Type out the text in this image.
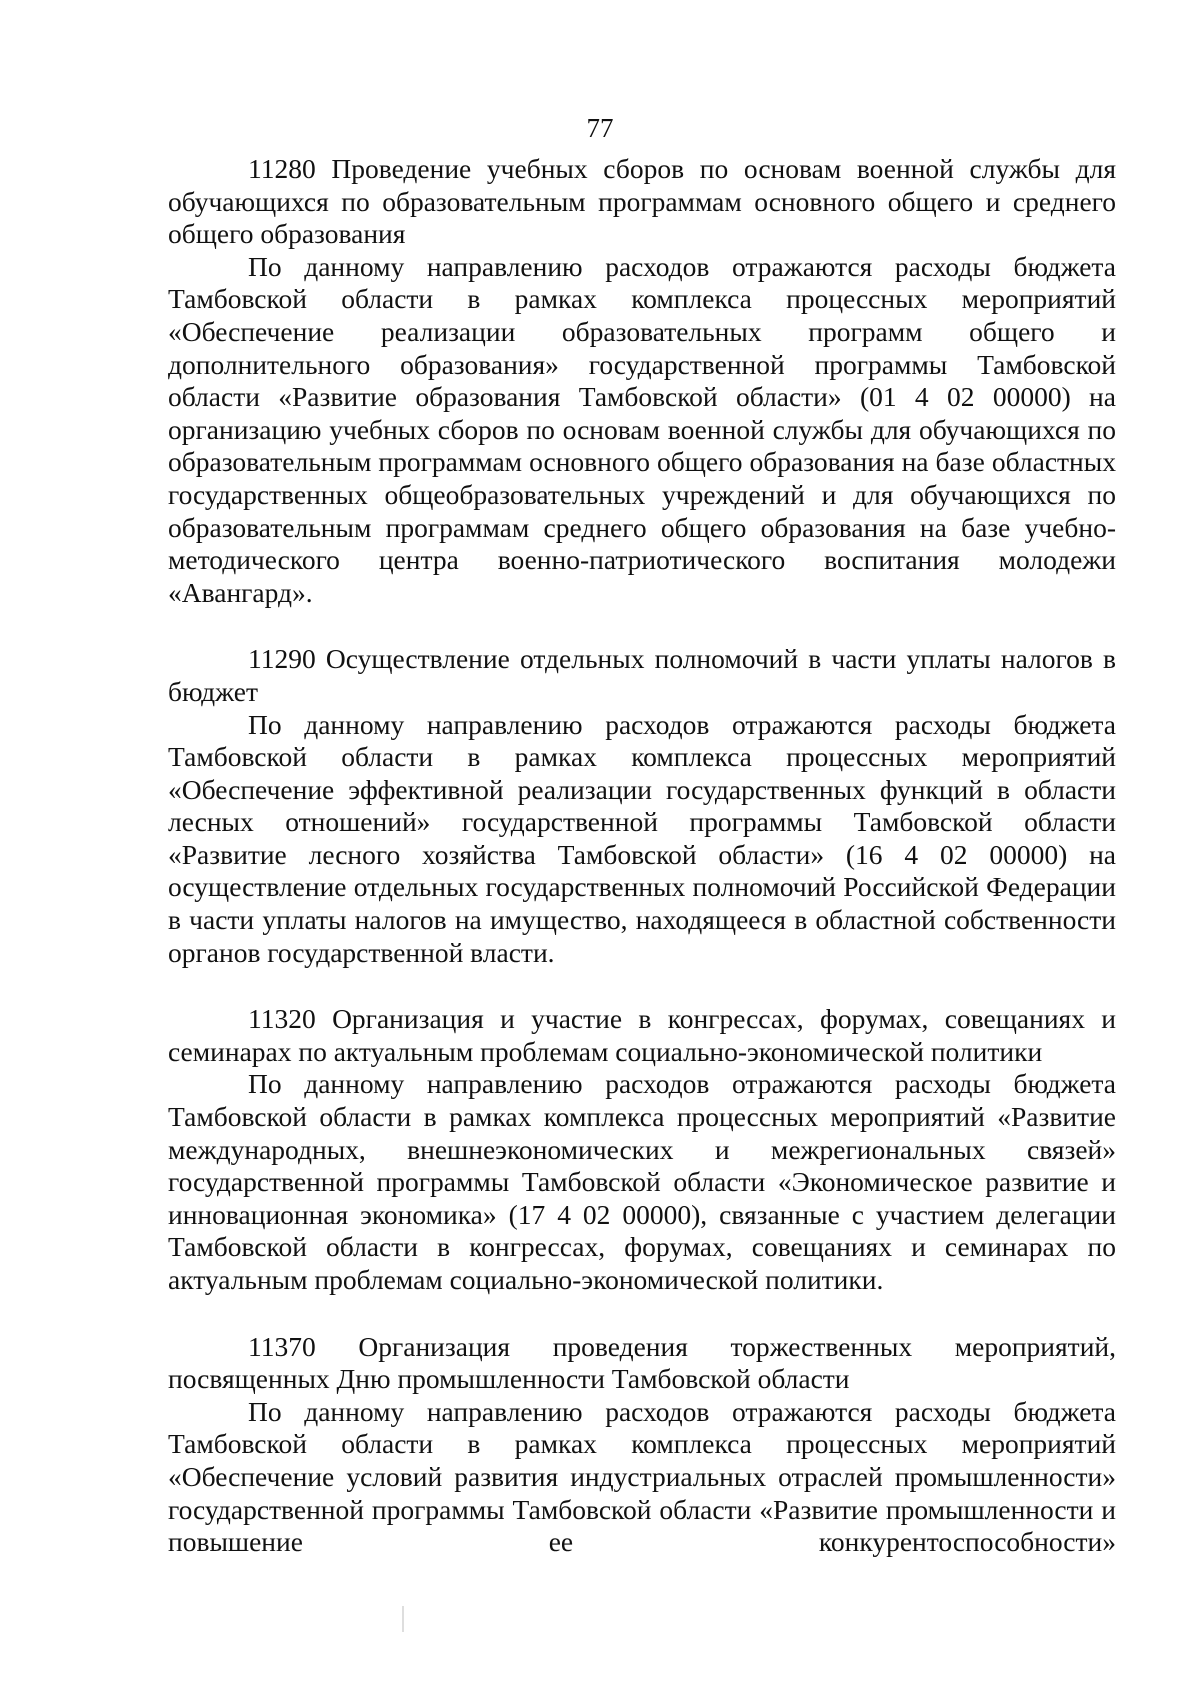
77

11280 Проведение учебных сборов по основам военной службы для обучающихся по образовательным программам основного общего и среднего общего образования

По данному направлению расходов отражаются расходы бюджета Тамбовской области в рамках комплекса процессных мероприятий «Обеспечение реализации образовательных программ общего и дополнительного образования» государственной программы Тамбовской области «Развитие образования Тамбовской области» (01 4 02 00000) на организацию учебных сборов по основам военной службы для обучающихся по образовательным программам основного общего образования на базе областных государственных общеобразовательных учреждений и для обучающихся по образовательным программам среднего общего образования на базе учебно-методического центра военно-патриотического воспитания молодежи «Авангард».

11290 Осуществление отдельных полномочий в части уплаты налогов в бюджет

По данному направлению расходов отражаются расходы бюджета Тамбовской области в рамках комплекса процессных мероприятий «Обеспечение эффективной реализации государственных функций в области лесных отношений» государственной программы Тамбовской области «Развитие лесного хозяйства Тамбовской области» (16 4 02 00000) на осуществление отдельных государственных полномочий Российской Федерации в части уплаты налогов на имущество, находящееся в областной собственности органов государственной власти.

11320 Организация и участие в конгрессах, форумах, совещаниях и семинарах по актуальным проблемам социально-экономической политики

По данному направлению расходов отражаются расходы бюджета Тамбовской области в рамках комплекса процессных мероприятий «Развитие международных, внешнеэкономических и межрегиональных связей» государственной программы Тамбовской области «Экономическое развитие и инновационная экономика» (17 4 02 00000), связанные с участием делегации Тамбовской области в конгрессах, форумах, совещаниях и семинарах по актуальным проблемам социально-экономической политики.

11370 Организация проведения торжественных мероприятий, посвященных Дню промышленности Тамбовской области

По данному направлению расходов отражаются расходы бюджета Тамбовской области в рамках комплекса процессных мероприятий «Обеспечение условий развития индустриальных отраслей промышленности» государственной программы Тамбовской области «Развитие промышленности и повышение ее конкурентоспособности»
